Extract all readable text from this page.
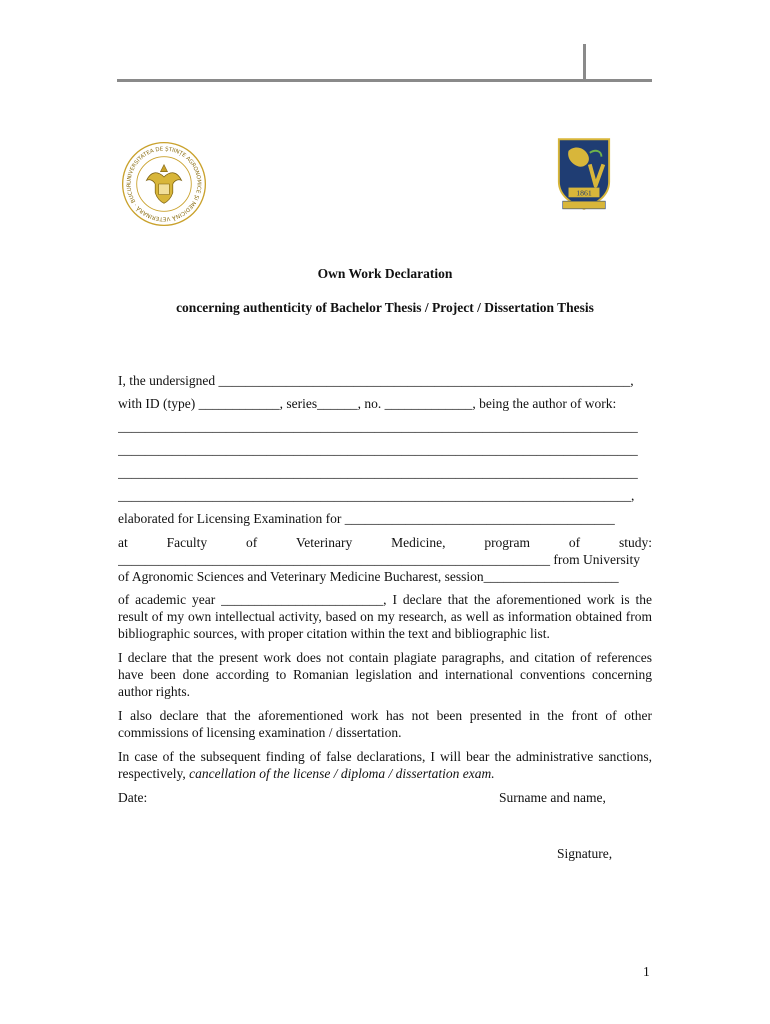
UNIVERSITATEA DE ȘTIINȚE AGRONOMICE ȘI MEDICINĂ VETERINARĂ · BUCUR
1861
Own Work Declaration
concerning authenticity of Bachelor Thesis / Project / Dissertation Thesis
I, the undersigned _____________________________________________________________,
with ID (type) ____________, series______, no. _____________, being the author of work:
_____________________________________________________________________________
_____________________________________________________________________________
_____________________________________________________________________________
____________________________________________________________________________,
elaborated for Licensing Examination for ________________________________________
at	Faculty	of	Veterinary	Medicine,	program	of	study:
________________________________________________________________ from University
of Agronomic Sciences and Veterinary Medicine Bucharest, session____________________
of academic year ________________________, I declare that the aforementioned work is the result of my own intellectual activity, based on my research, as well as information obtained from bibliographic sources, with proper citation within the text and bibliographic list.
I declare that the present work does not contain plagiate paragraphs, and citation of references have been done according to Romanian legislation and international conventions concerning author rights.
I also declare that the aforementioned work has not been presented in the front of other commissions of licensing examination / dissertation.
In case of the subsequent finding of false declarations, I will bear the administrative sanctions, respectively, cancellation of the license / diploma / dissertation exam.
Date:	Surname and name,
Signature,
1
